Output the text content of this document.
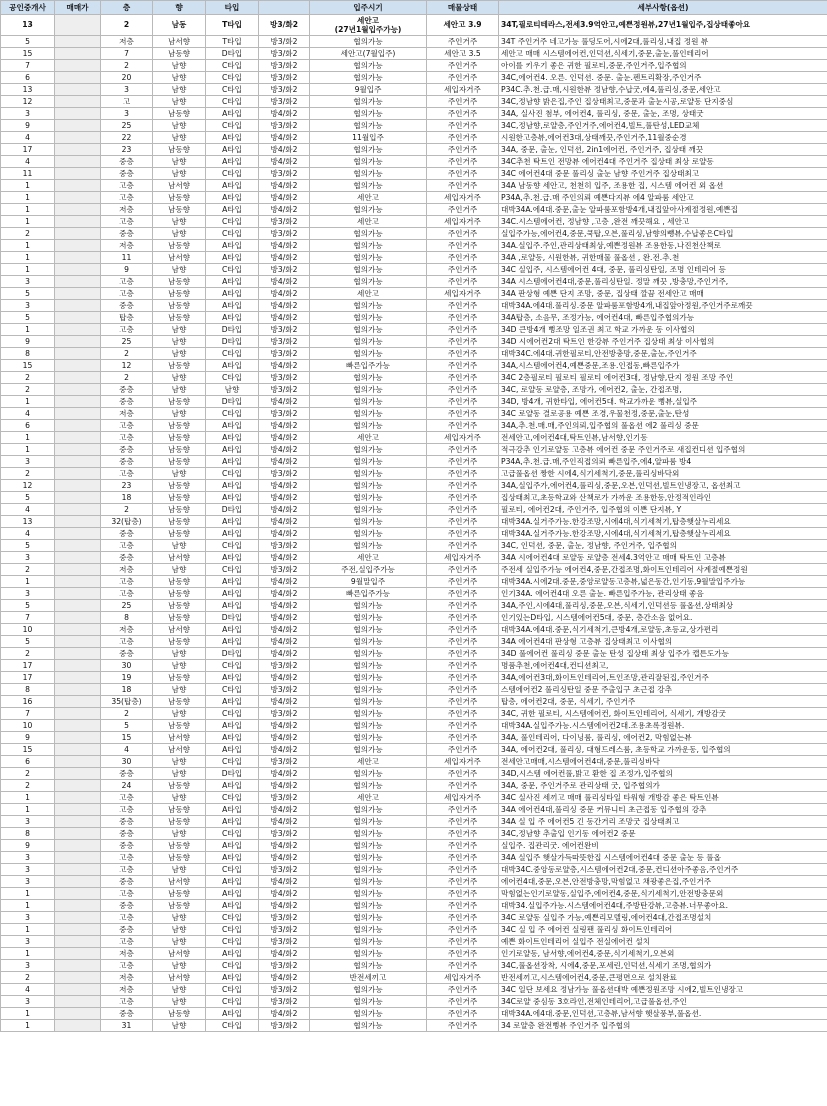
공인중개사	매매가	층	향	타입		입주시기	매물상태	세부사항(옵션)
13		2	남동	T타입	방3/화2	세안고
(27년1월입주가능)	세안고 3.9	34T,필로티테라스,전세3.9억안고,예쁜정원뷰,27년1월입주,집상태좋아요
5		저층	남서향	T타입	방3/화2	협의가능	주인거주	34T 주인거주 네고가능 풀딩도어,시에2대,풀리싱,내집 정원 뷰
15		7	남동향	D타입	방3/화2	세안고(7월입주)	세안고 3.5	세안고 매매 시스템에어컨,인덕션,식세기,중문,출눈,풀인테리어
7		2	남향	C타입	방3/화2	협의가능	주인거주	아이를 키우기 좋은 귀한 필로티,중문,주인거주,입주협의
6		20	남향	C타입	방3/화2	협의가능	주인거주	34C,에어컨4. 오른. 인덕션. 중문. 출눈.펜트리확장,주인거주
13		3	남향	C타입	방3/화2	9월입주	세입자거주	P34C.추.천.급.매,시원한뷰 정남향,수납굿,에4,풀리싱,중문,세안고
12		고	남향	C타입	방3/화2	협의가능	주인거주	34C,정남향 밝은집,주인 집상태최고,중문과 출눈시공,로얄동 단지중심
3		3	남동향	A타입	방4/화2	협의가능	주인거주	34A, 실사진 첨부, 에어컨4, 풀리싱, 중문, 출눈, 조명, 상태굿
9		25	남향	C타입	방3/화2	협의가능	주인거주	34C,정남향,로얄층,주인거주,에어컨4,빌트,풀탄성,LED교체
4		22	남향	A타입	방4/화2	11월입주	주인거주	시원한고층뷰,에어컨3대,상태깨끗,주인거주,11월중순경
17		23	남동향	A타입	방4/화2	협의가능	주인거주	34A, 중문, 출눈, 인덕션, 2in1에어컨, 주인거주, 집상태 깨끗
4		중층	남향	A타입	방4/화2	협의가능	주인거주	34C추천 탁트인 전망뷰 에어컨4대 주인거주 집상태 최상 로얄동
11		중층	남향	C타입	방3/화2	협의가능	주인거주	34C 에어컨4대 중문 풀리싱 출눈 남향 주인거주 집상태최고
1		고층	남서향	A타입	방4/화2	협의가능	주인거주	34A 남동향 세안고, 천천히 입주, 조용한 집, 시스템 에어컨 외 옵션
1		고층	남동향	A타입	방4/화2	세안고	세입자거주	P34A,추.천.급.매 주인의뢰 예쁜다지뷰 에4 알파룸 세안고
1		저층	남동향	A타입	방4/화2	협의가능	주인거주	대박34A.에4대.중문,출눈 알파룸포함방4개,내집앞아사계절정원,예쁜집
1		고층	남향	C타입	방3/화2	세안고	세입자거주	34C.시스템에어컨, 정남향 ,고층 ,완전 깨끗해요 , 세안고
2		중층	남향	C타입	방3/화2	협의가능	주인거주	실입주가능,에어컨4,중문,쿡탑,오븐,풀리싱,남향의뺑뷰,수납좋은C타입
1		저층	남동향	A타입	방4/화2	협의가능	주인거주	34A.실입주.주인,관리상태최상,예쁜정원뷰 조용한동,나진천산책로
1		11	남서향	A타입	방4/화2	협의가능	주인거주	34A ,로얄동, 시원한뷰, 귀한매물 풀옵션 , 완.전.추.천
1		9	남향	C타입	방3/화2	협의가능	주인거주	34C 실입주, 시스템에어컨 4대, 중문, 풀리싱탄일, 조명 인테리어 등
3		고층	남동향	A타입	방4/화2	협의가능	주인거주	34A 시스템에어컨4대,중문,풀리싱탄일. 정말 깨끗 ,방충망,주인거주,
5		고층	남동향	A타입	방4/화2	세안고	세입자거주	34A 판상형 예쁜 단지 조망, 중문, 집상태 깔끔 전세안고 매매
3		중층	남동향	A타입	방4/화2	협의가능	주인거주	대박34A.에4대.풀리싱.중문 알파룸포함방4개,내집앞아정원,주인거주로깨끗
5		탑층	남동향	A타입	방4/화2	협의가능	주인거주	34A탑층, 소음무, 조정가능, 에어컨4대, 빠른입주협의가능
1		고층	남향	D타입	방3/화2	협의가능	주인거주	34D 큰방4개 뻥조망 일조권 최고 학교 가까운 동 이사협의
9		25	남향	D타입	방3/화2	협의가능	주인거주	34D 시에어컨2대 탁트인 한강뷰 주인거주 집상태 최상 이사협의
8		2	남향	C타입	방3/화2	협의가능	주인거주	대박34C.에4대.귀한필로티,안전방충망,중문,출눈,주인거주
15		12	남동향	A타입	방4/화2	빠른입주가능	주인거주	34A,시스템에어컨4,예쁜중문,조용.인접동,빠른입주가
2		2	남향	C타입	방3/화2	협의가능	주인거주	34C 2층필로티 필로티 필로티 에어컨3대, 정남향,단지 정원 조망 주인
2		중층	남향	남향	방3/화2	협의가능	주인거주	34C, 로얄동 로얄층, 조망가, 에어컨2, 출눈, 간접조명,
1		중층	남동향	D타입	방4/화2	협의가능	주인거주	34D, 방4개, 귀한타입, 에어컨5대. 학교가까운 뻥뷰,실입주
4		저층	남향	C타입	방3/화2	협의가능	주인거주	34C 로얄동 결로공용 예쁜 조경,우물천정,중문,출눈,탄성
6		고층	남동향	A타입	방4/화2	협의가능	주인거주	34A,추.천.매.매,주인의뢰,입주협의 풀옵션 에2 풀리싱 중문
1		고층	남동향	A타입	방4/화2	세안고	세입자거주	전세안고,에어컨4대,탁트인뷰,남서향,인기동
1		중층	남동향	A타입	방4/화2	협의가능	주인거주	적극강추 인기로얄동 고층뷰 에어컨 중문 주인거주로 새집컨디션 입주협의
3		중층	남동향	A타입	방4/화2	협의가능	주인거주	P34A,추.천.급.매,주인직접의뢰 빠른입주,에4,알파룸 방4
2		고층	남향	C타입	방3/화2	협의가능	주인거주	고급풀옵션 짱한 시에4,식기세척기,중문,풀리싱바닥외
12		23	남동향	A타입	방4/화2	협의가능	주인거주	34A,실입주가,에어컨4,풀리싱,중문,오븐,인덕션,빌트인냉장고, 옵션최고
5		18	남동향	A타입	방4/화2	협의가능	주인거주	집상태최고,초등학교와 산책로가 가까운 조용한동,안정적인라인
4		2	남동향	D타입	방4/화2	협의가능	주인거주	필로티, 에어컨2대, 주인거주, 입주협의 이쁜 단지뷰, Y
13		32(탑층)	남동향	A타입	방4/화2	협의가능	주인거주	대박34A.실거주가능.한강조망,시에4대,식기세척기,탑층햇살누리세요
4		중층	남동향	A타입	방4/화2	협의가능	주인거주	대박34A.실거주가능.한강조망,시에4대,식기세척기,탑층햇살누리세요
5		고층	남향	C타입	방3/화2	협의가능	주인거주	34C, 인덕션, 중문, 출눈, 정남향, 주인거주, 입주협의
3		중층	남서향	A타입	방4/화2	세안고	세입자거주	34A 시에어컨4대 로얄동 로얄층 전세4.3억안고 매매 탁트인 고층뷰
2		저층	남향	C타입	방3/화2	주전,실입주가능	주인거주	주전세 실입주가능 에어컨4,중문,간접조명,화이트인테리어 사계절예쁜정원
1		고층	남동향	A타입	방4/화2	9월말입주	주인거주	대박34A.시에2대.중문,중앙로얄동고층뷰,넓은동간,인기동,9월말입주가능
3		고층	남동향	A타입	방4/화2	빠른입주가능	주인거주	인기34A. 에어컨4대 오른 출눈. 빠른입주가능, 관리상태 좋음
5		25	남동향	A타입	방4/화2	협의가능	주인거주	34A,주인,시에4대,풀리싱,중문,오븐,식세기,인덕션등 풀옵션,상태최상
7		8	남동향	D타입	방4/화2	협의가능	주인거주	인기있는D타입, 시스템에어컨5대, 중문, 층간소음 없어요.
10		저층	남서향	A타입	방4/화2	협의가능	주인거주	대박34A.에4대.중문,식기세척기,큰방4개,로얄동,초등교,상가편리
5		고층	남동향	A타입	방4/화2	협의가능	주인거주	34A 에어컨4대 판상형 고층뷰 집상태최고 이사협의
2		중층	남향	D타입	방4/화2	협의가능	주인거주	34D 풀에어컨 풀리싱 중문 출눈 탄성 집상태 최상 입주가 캡튼도가능
17		30	남향	C타입	방3/화2	협의가능	주인거주	명품추천,에어컨4대,컨디션최고,
17		19	남동향	A타입	방4/화2	협의가능	주인거주	34A,에어컨3대,화이트인테리어,트인조망,관리잘된집,주인거주
8		18	남향	C타입	방3/화2	협의가능	주인거주	스템에어컨2 풀리싱탄일 중문 주출입구 초근접 강추
16		35(탑층)	남동향	A타입	방4/화2	협의가능	주인거주	탑층, 에어컨2대, 중문, 식세기, 주인거주
7		2	남향	C타입	방3/화2	협의가능	주인거주	34C, 귀한 필로티, 시스템에어컨, 화이트인테리어, 식세기, 개방감굿
10		5	남동향	A타입	방4/화2	협의가능	주인거주	대박34A.실입주가능.시스템에어컨2대.조용초록정원뷰.
9		15	남서향	A타입	방4/화2	협의가능	주인거주	34A, 풀인테리어, 다이닝룸, 풀리싱, 에어컨2, 막힘없는뷰
15		4	남서향	A타입	방4/화2	협의가능	주인거주	34A, 에어컨2대, 풀리싱, 대형드레스룸, 초등학교 가까운동, 입주협의
6		30	남향	C타입	방3/화2	세안고	세입자거주	전세안고매매,시스템에어컨4대,중문,풀리싱바닥
2		중층	남향	D타입	방4/화2	협의가능	주인거주	34D,시스템 에어컨풀,밝고 환한 집 조정가,입주협의
2		24	남동향	A타입	방4/화2	협의가능	주인거주	34A, 중문, 주인거주로 관리상태 굿, 입주협의가
1		고층	남향	C타입	방3/화2	세안고	세입자거주	34C 실사진 세끼고 매매 풀리싱타일 타워형 개방감 좋은 탁트인뷰
1		고층	남동향	A타입	방4/화2	협의가능	주인거주	34A 에어컨4대,풀리싱 중문 커뮤니티 초근접동 입주협의 강추
3		중층	남동향	A타입	방4/화2	협의가능	주인거주	34A 실 입 주 에어컨5 긴 동간거리 조망굿 집상태최고
8		중층	남향	C타입	방3/화2	협의가능	주인거주	34C,정남향 추출입 인기동 에어컨2 중문
9		중층	남동향	A타입	방4/화2	협의가능	주인거주	실입주. 집관리굿. 에어컨완비
3		고층	남동향	A타입	방4/화2	협의가능	주인거주	34A 실입주 햇살가득따뜻한집 시스템에어컨4대 중문 출눈 등 풀옵
3		고층	남향	C타입	방3/화2	협의가능	주인거주	대박34C.중앙동로얄층,시스템에어컨2대,중문,컨디션아주좋음,주인거주
3		중층	남서향	A타입	방4/화2	협의가능	주인거주	에어컨4대,중문,오븐,안전방충망,막힘없고 채광좋은집,주인거주
1		고층	남동향	A타입	방4/화2	협의가능	주인거주	막힘없는인기로얄동,실입주,에어컨4,중문,식기세척기,안전방충문외
1		중층	남동향	A타입	방4/화2	협의가능	주인거주	대박34.실입주가능.시스템에어컨4대,주방탄강뷰,고층뷰.너무좋아요.
3		고층	남향	C타입	방3/화2	협의가능	주인거주	34C 로얄동 실입주 가능,예쁜리모델링,에어컨4대,간접조명설치
1		중층	남향	C타입	방3/화2	협의가능	주인거주	34C 실 입 주 에어컨 실링팬 풀리싱 화이트인테리어
3		고층	남향	C타입	방3/화2	협의가능	주인거주	예쁜 화이트인테리어 실입주 전실에어컨 설치
1		저층	남서향	A타입	방4/화2	협의가능	주인거주	인기로얄동, 남서향,에어컨4,중문,식기세척기,오븐외
3		고층	남향	C타입	방3/화2	협의가능	주인거주	34C,풀옵션장착, 시에4,중문,포세린,인덕션,식세기 조명,협의가
2		저층	남서향	A타입	방4/화2	반전세끼고	세입자거주	반전세끼고,시스템에어컨4,중문,큰평면으로 설치완료
4		저층	남향	C타입	방3/화2	협의가능	주인거주	34C 일단 보세요 정남가능 풀옵션대박 예쁜정원조망 시에2,빌트인냉장고
3		고층	남향	C타입	방3/화2	협의가능	주인거주	34C로얄 중심동 3호라인,전체인테리어,고급풀옵션,주인
1		중층	남동향	A타입	방4/화2	협의가능	주인거주	대박34A.에4대.중문,인덕션,고층뷰,남서향 햇살풍부,풀옵션.
1		31	남향	C타입	방3/화2	협의가능	주인거주	34 로얄층 완전뻥뷰 주인거주 입주협의
